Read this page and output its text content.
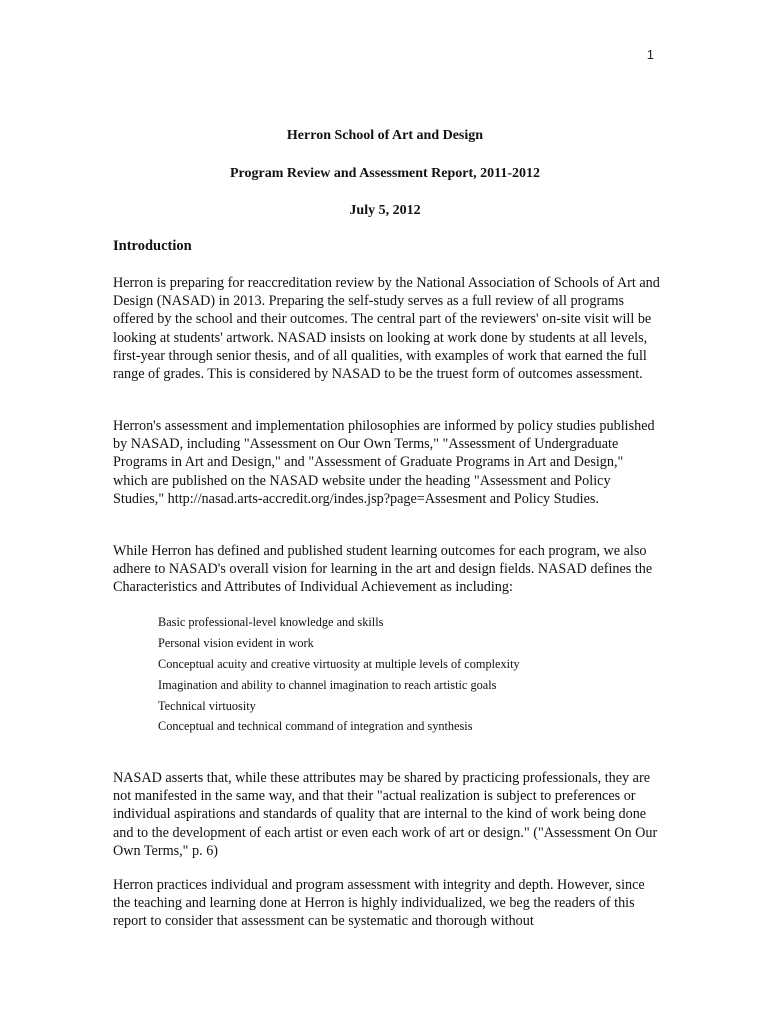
1
Herron School of Art and Design
Program Review and Assessment Report, 2011-2012
July 5, 2012
Introduction

Herron is preparing for reaccreditation review by the National Association of Schools of Art and Design (NASAD) in 2013. Preparing the self-study serves as a full review of all programs offered by the school and their outcomes. The central part of the reviewers' on-site visit will be looking at students' artwork. NASAD insists on looking at work done by students at all levels, first-year through senior thesis, and of all qualities, with examples of work that earned the full range of grades. This is considered by NASAD to be the truest form of outcomes assessment.

Herron's assessment and implementation philosophies are informed by policy studies published by NASAD, including "Assessment on Our Own Terms," "Assessment of Undergraduate Programs in Art and Design," and "Assessment of Graduate Programs in Art and Design," which are published on the NASAD website under the heading "Assessment and Policy Studies," http://nasad.arts-accredit.org/indes.jsp?page=Assesment and Policy Studies.

While Herron has defined and published student learning outcomes for each program, we also adhere to NASAD's overall vision for learning in the art and design fields. NASAD defines the Characteristics and Attributes of Individual Achievement as including:

Basic professional-level knowledge and skills
Personal vision evident in work
Conceptual acuity and creative virtuosity at multiple levels of complexity
Imagination and ability to channel imagination to reach artistic goals
Technical virtuosity
Conceptual and technical command of integration and synthesis

NASAD asserts that, while these attributes may be shared by practicing professionals, they are not manifested in the same way, and that their "actual realization is subject to preferences or individual aspirations and standards of quality that are internal to the kind of work being done and to the development of each artist or even each work of art or design." ("Assessment On Our Own Terms," p. 6)

Herron practices individual and program assessment with integrity and depth. However, since the teaching and learning done at Herron is highly individualized, we beg the readers of this report to consider that assessment can be systematic and thorough without
